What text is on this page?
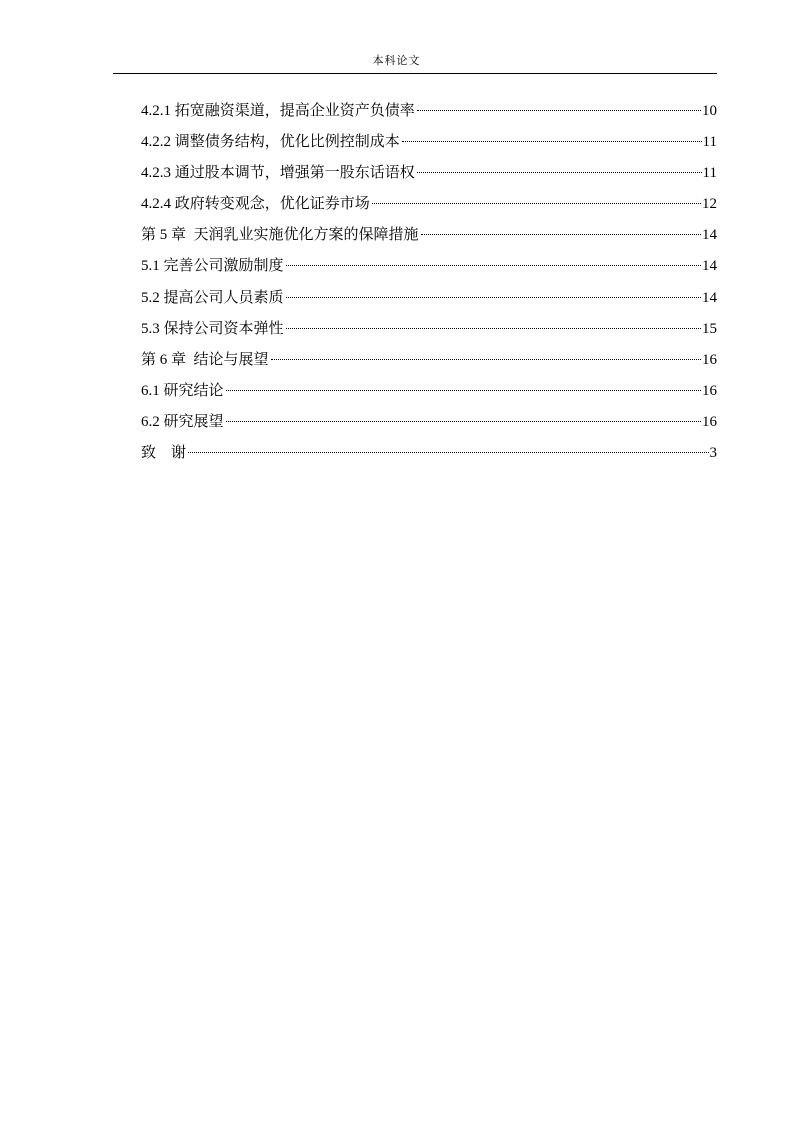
本科论文
4.2.1 拓宽融资渠道，提高企业资产负债率	10
4.2.2 调整债务结构，优化比例控制成本	11
4.2.3 通过股本调节，增强第一股东话语权	11
4.2.4 政府转变观念，优化证券市场	12
第 5 章  天润乳业实施优化方案的保障措施	14
5.1 完善公司激励制度	14
5.2 提高公司人员素质	14
5.3 保持公司资本弹性	15
第 6 章  结论与展望	16
6.1 研究结论	16
6.2 研究展望	16
致    谢	3
